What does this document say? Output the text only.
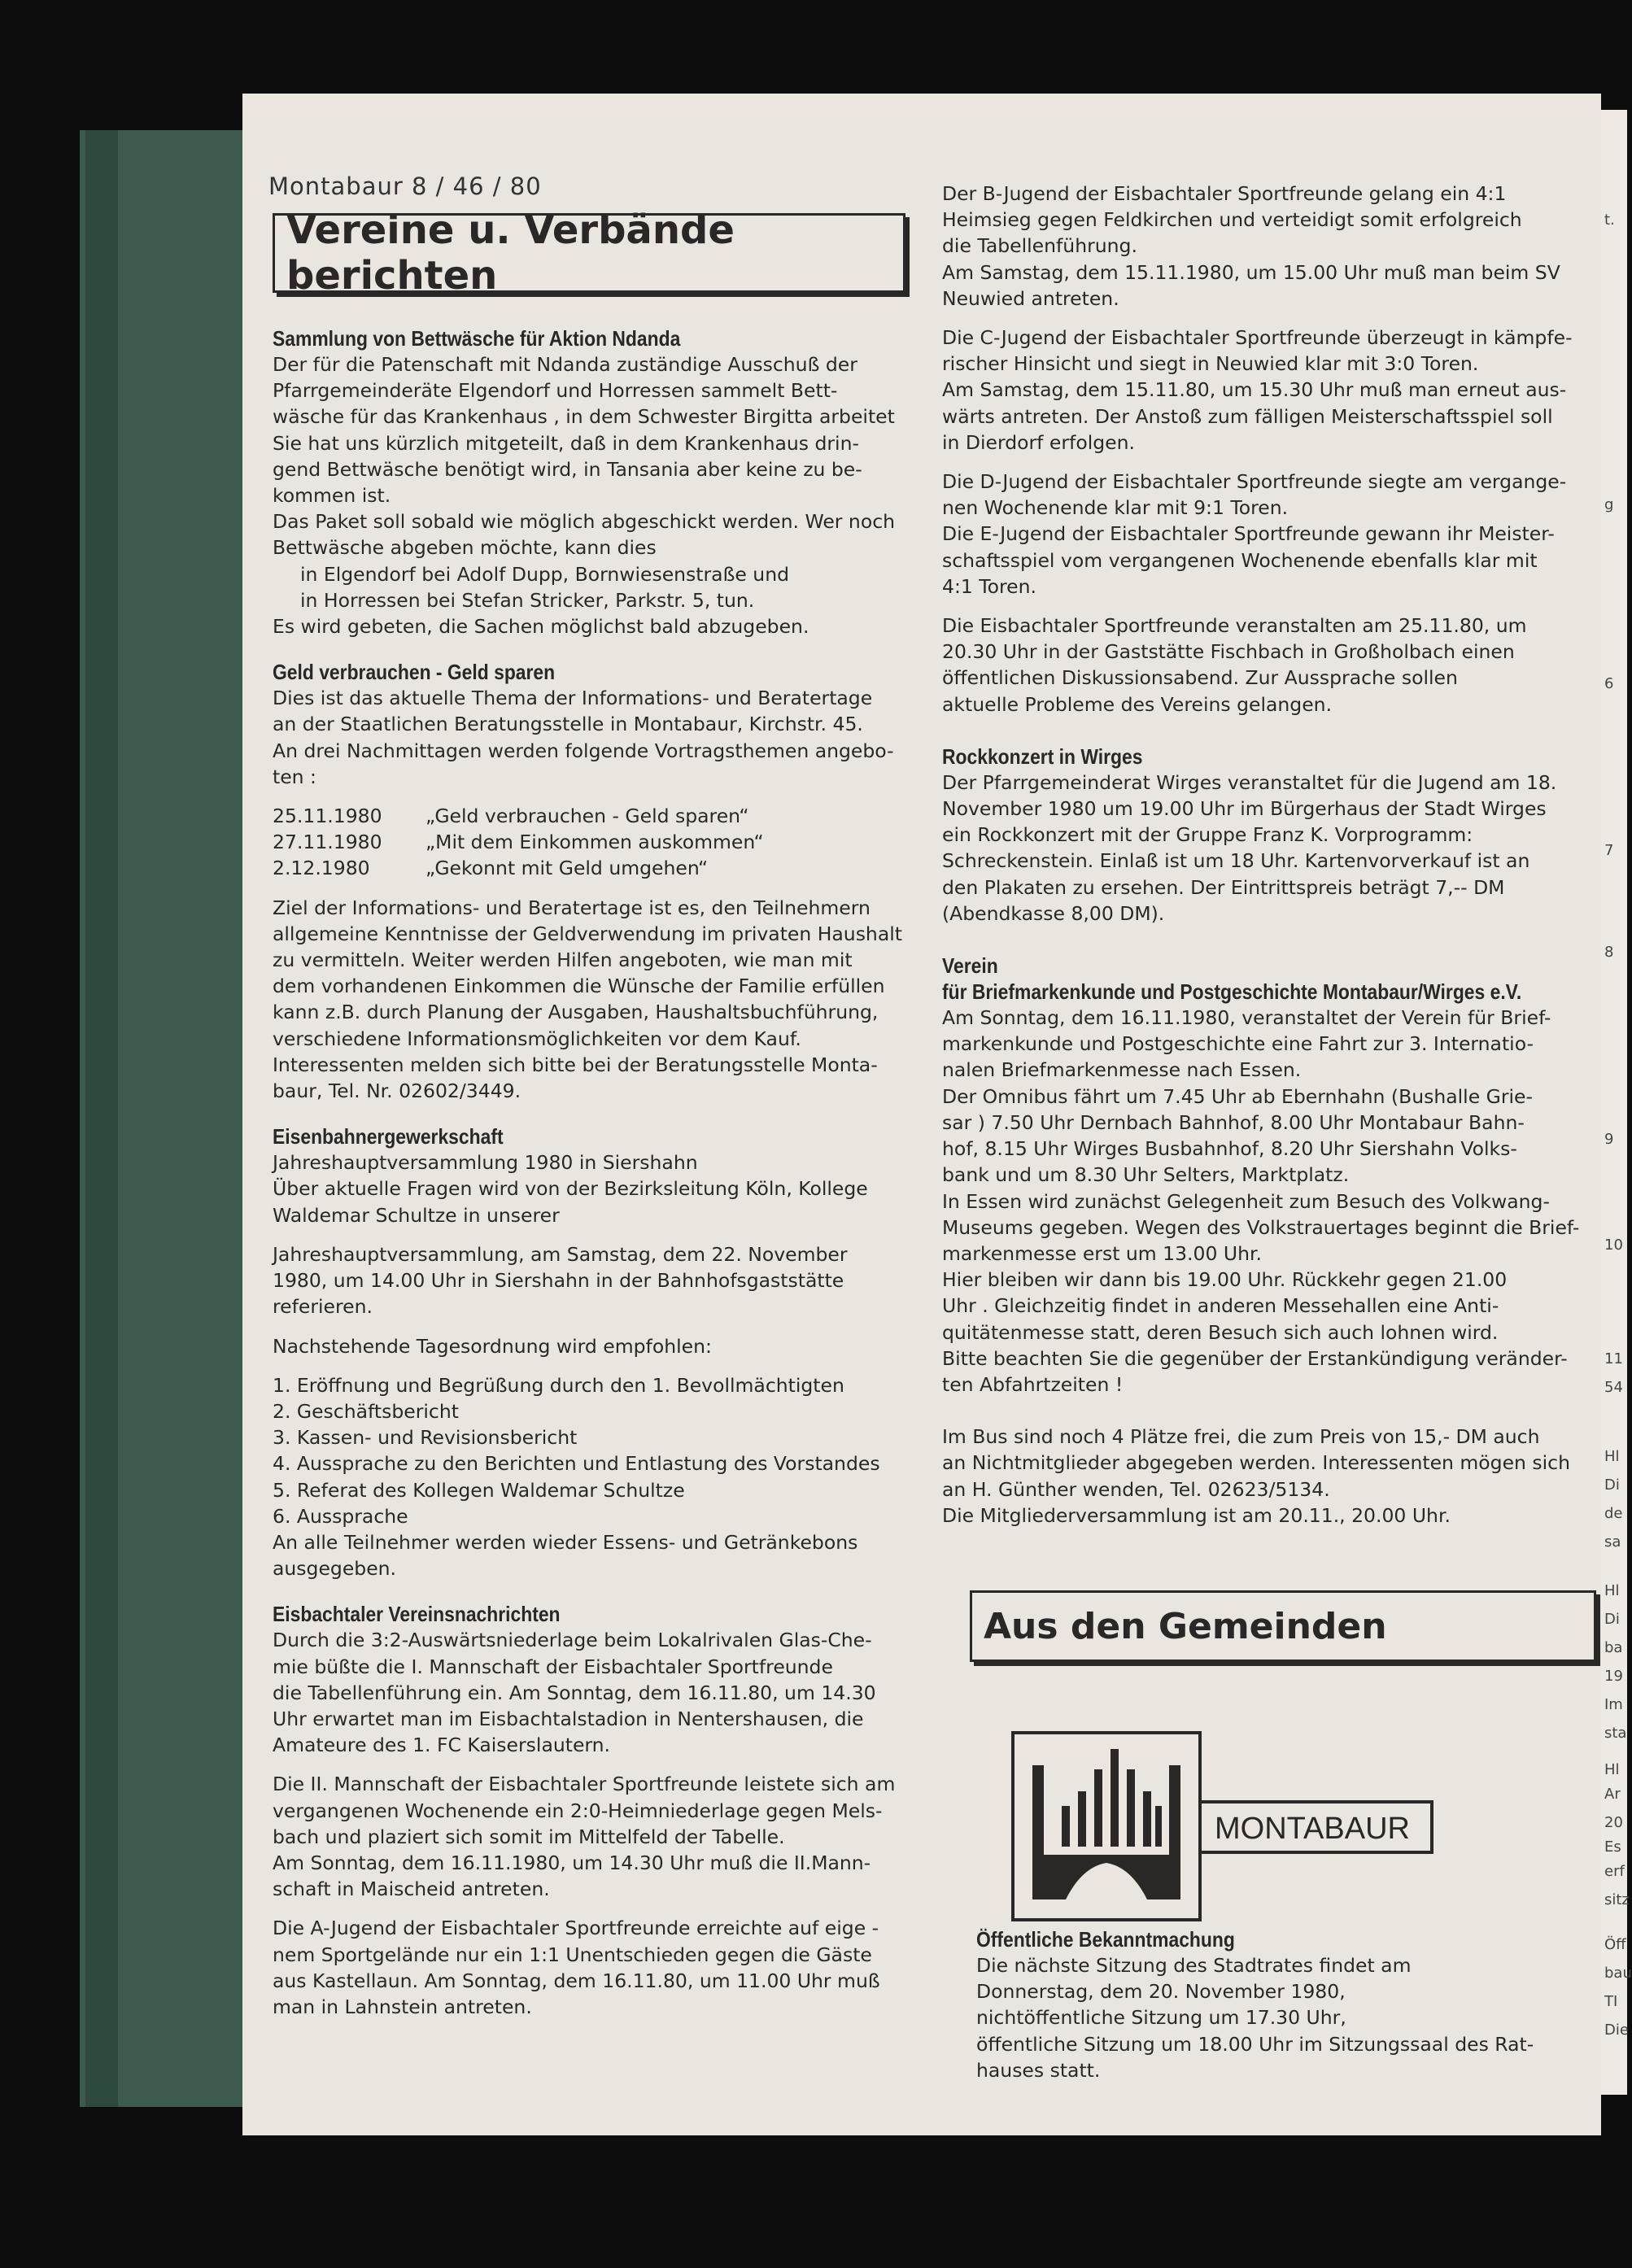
t.
g
6
7
8
9
10
11
54
Hl
Di
de
sa
Hl
Di
ba
19
Im
sta
Hl
Ar
20
Es
erf
sitz
Öff
bau
TI
Die
Montabaur 8 / 46 / 80
Vereine u. Verbände berichten
Sammlung von Bettwäsche für Aktion Ndanda
Der für die Patenschaft mit Ndanda zuständige Ausschuß der
Pfarrgemeinderäte Elgendorf und Horressen sammelt Bett-
wäsche für das Krankenhaus , in dem Schwester Birgitta arbeitet
Sie hat uns kürzlich mitgeteilt, daß in dem Krankenhaus drin-
gend Bettwäsche benötigt wird, in Tansania aber keine zu be-
kommen ist.
Das Paket soll sobald wie möglich abgeschickt werden. Wer noch
Bettwäsche abgeben möchte, kann dies
in Elgendorf bei Adolf Dupp, Bornwiesenstraße und
in Horressen bei Stefan Stricker, Parkstr. 5, tun.
Es wird gebeten, die Sachen möglichst bald abzugeben.
Geld verbrauchen - Geld sparen
Dies ist das aktuelle Thema der Informations- und Beratertage
an der Staatlichen Beratungsstelle in Montabaur, Kirchstr. 45.
An drei Nachmittagen werden folgende Vortragsthemen angebo-
ten :
25.11.1980	„Geld verbrauchen - Geld sparen“
27.11.1980	„Mit dem Einkommen auskommen“
2.12.1980	„Gekonnt mit Geld umgehen“
Ziel der Informations- und Beratertage ist es, den Teilnehmern
allgemeine Kenntnisse der Geldverwendung im privaten Haushalt
zu vermitteln. Weiter werden Hilfen angeboten, wie man mit
dem vorhandenen Einkommen die Wünsche der Familie erfüllen
kann z.B. durch Planung der Ausgaben, Haushaltsbuchführung,
verschiedene Informationsmöglichkeiten vor dem Kauf.
Interessenten melden sich bitte bei der Beratungsstelle Monta-
baur, Tel. Nr. 02602/3449.
Eisenbahnergewerkschaft
Jahreshauptversammlung 1980 in Siershahn
Über aktuelle Fragen wird von der Bezirksleitung Köln, Kollege
Waldemar Schultze in unserer
Jahreshauptversammlung, am Samstag, dem 22. November
1980, um 14.00 Uhr in Siershahn in der Bahnhofsgaststätte
referieren.
Nachstehende Tagesordnung wird empfohlen:
1. Eröffnung und Begrüßung durch den 1. Bevollmächtigten
2. Geschäftsbericht
3. Kassen- und Revisionsbericht
4. Aussprache zu den Berichten und Entlastung des Vorstandes
5. Referat des Kollegen Waldemar Schultze
6. Aussprache
An alle Teilnehmer werden wieder Essens- und Getränkebons
ausgegeben.
Eisbachtaler Vereinsnachrichten
Durch die 3:2-Auswärtsniederlage beim Lokalrivalen Glas-Che-
mie büßte die I. Mannschaft der Eisbachtaler Sportfreunde
die Tabellenführung ein. Am Sonntag, dem 16.11.80, um 14.30
Uhr erwartet man im Eisbachtalstadion in Nentershausen, die
Amateure des 1. FC Kaiserslautern.
Die II. Mannschaft der Eisbachtaler Sportfreunde leistete sich am
vergangenen Wochenende ein 2:0-Heimniederlage gegen Mels-
bach und plaziert sich somit im Mittelfeld der Tabelle.
Am Sonntag, dem 16.11.1980, um 14.30 Uhr muß die II.Mann-
schaft in Maischeid antreten.
Die A-Jugend der Eisbachtaler Sportfreunde erreichte auf eige -
nem Sportgelände nur ein 1:1 Unentschieden gegen die Gäste
aus Kastellaun. Am Sonntag, dem 16.11.80, um 11.00 Uhr muß
man in Lahnstein antreten.
Der B-Jugend der Eisbachtaler Sportfreunde gelang ein 4:1
Heimsieg gegen Feldkirchen und verteidigt somit erfolgreich
die Tabellenführung.
Am Samstag, dem 15.11.1980, um 15.00 Uhr muß man beim SV
Neuwied antreten.
Die C-Jugend der Eisbachtaler Sportfreunde überzeugt in kämpfe-
rischer Hinsicht und siegt in Neuwied klar mit 3:0 Toren.
Am Samstag, dem 15.11.80, um 15.30 Uhr muß man erneut aus-
wärts antreten. Der Anstoß zum fälligen Meisterschaftsspiel soll
in Dierdorf erfolgen.
Die D-Jugend der Eisbachtaler Sportfreunde siegte am vergange-
nen Wochenende klar mit 9:1 Toren.
Die E-Jugend der Eisbachtaler Sportfreunde gewann ihr Meister-
schaftsspiel vom vergangenen Wochenende ebenfalls klar mit
4:1 Toren.
Die Eisbachtaler Sportfreunde veranstalten am 25.11.80, um
20.30 Uhr in der Gaststätte Fischbach in Großholbach einen
öffentlichen Diskussionsabend. Zur Aussprache sollen
aktuelle Probleme des Vereins gelangen.
Rockkonzert in Wirges
Der Pfarrgemeinderat Wirges veranstaltet für die Jugend am 18.
November 1980 um 19.00 Uhr im Bürgerhaus der Stadt Wirges
ein Rockkonzert mit der Gruppe Franz K. Vorprogramm:
Schreckenstein. Einlaß ist um 18 Uhr. Kartenvorverkauf ist an
den Plakaten zu ersehen. Der Eintrittspreis beträgt 7,-- DM
(Abendkasse 8,00 DM).
Verein
für Briefmarkenkunde und Postgeschichte Montabaur/Wirges e.V.
Am Sonntag, dem 16.11.1980, veranstaltet der Verein für Brief-
markenkunde und Postgeschichte eine Fahrt zur 3. Internatio-
nalen Briefmarkenmesse nach Essen.
Der Omnibus fährt um 7.45 Uhr ab Ebernhahn (Bushalle Grie-
sar ) 7.50 Uhr Dernbach Bahnhof, 8.00 Uhr Montabaur Bahn-
hof, 8.15 Uhr Wirges Busbahnhof, 8.20 Uhr Siershahn Volks-
bank und um 8.30 Uhr Selters, Marktplatz.
In Essen wird zunächst Gelegenheit zum Besuch des Volkwang-
Museums gegeben. Wegen des Volkstrauertages beginnt die Brief-
markenmesse erst um 13.00 Uhr.
Hier bleiben wir dann bis 19.00 Uhr. Rückkehr gegen 21.00
Uhr . Gleichzeitig findet in anderen Messehallen eine Anti-
quitätenmesse statt, deren Besuch sich auch lohnen wird.
Bitte beachten Sie die gegenüber der Erstankündigung veränder-
ten Abfahrtzeiten !
Im Bus sind noch 4 Plätze frei, die zum Preis von 15,- DM auch
an Nichtmitglieder abgegeben werden. Interessenten mögen sich
an H. Günther wenden, Tel. 02623/5134.
Die Mitgliederversammlung ist am 20.11., 20.00 Uhr.
Aus den Gemeinden
MONTABAUR
Öffentliche Bekanntmachung
Die nächste Sitzung des Stadtrates findet am
Donnerstag, dem 20. November 1980,
nichtöffentliche Sitzung um 17.30 Uhr,
öffentliche Sitzung um 18.00 Uhr im Sitzungssaal des Rat-
hauses statt.
